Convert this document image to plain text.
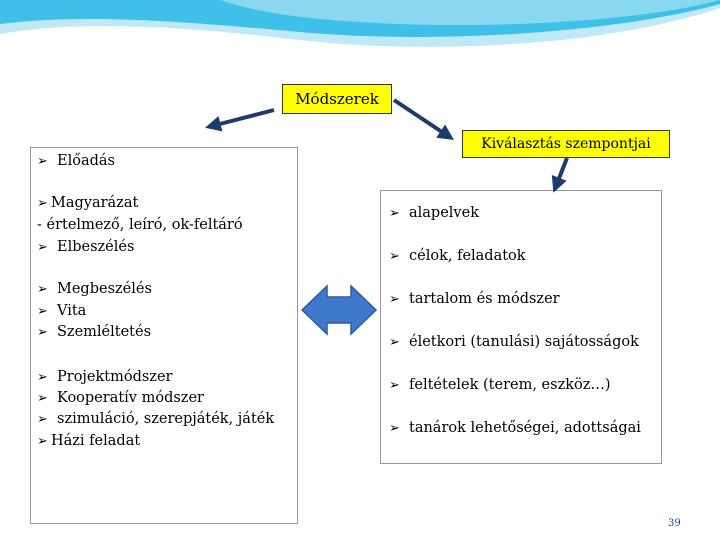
Módszerek
Kiválasztás szempontjai
➢ Előadás
➢ Magyarázat
- értelmező, leíró, ok-feltáró
➢ Elbeszélés
➢ Megbeszélés
➢ Vita
➢ Szemléltetés
➢ Projektmódszer
➢ Kooperatív módszer
➢ szimuláció, szerepjáték, játék
➢ Házi feladat
➢ alapelvek
➢ célok, feladatok
➢ tartalom és módszer
➢ életkori (tanulási) sajátosságok
➢ feltételek (terem, eszköz…)
➢ tanárok lehetőségei, adottságai
39
